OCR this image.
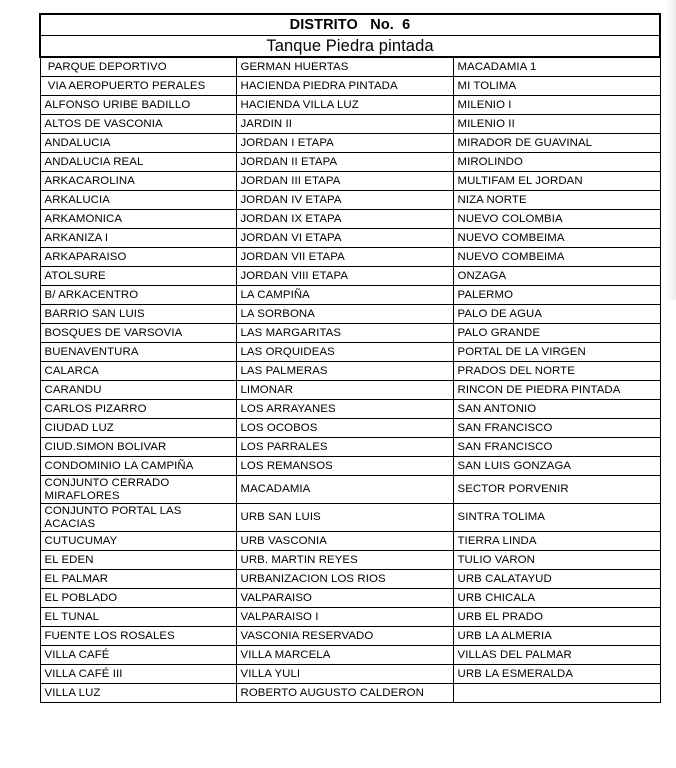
DISTRITO   No.  6		
Tanque Piedra pintada		
PARQUE DEPORTIVO	GERMAN HUERTAS	MACADAMIA 1
VIA AEROPUERTO PERALES	HACIENDA PIEDRA PINTADA	MI TOLIMA
ALFONSO URIBE BADILLO	HACIENDA VILLA LUZ	MILENIO I
ALTOS DE VASCONIA	JARDIN II	MILENIO II
ANDALUCIA	JORDAN I ETAPA	MIRADOR DE GUAVINAL
ANDALUCIA REAL	JORDAN II ETAPA	MIROLINDO
ARKACAROLINA	JORDAN III ETAPA	MULTIFAM EL JORDAN
ARKALUCIA	JORDAN IV ETAPA	NIZA NORTE
ARKAMONICA	JORDAN IX ETAPA	NUEVO COLOMBIA
ARKANIZA I	JORDAN VI ETAPA	NUEVO COMBEIMA
ARKAPARAISO	JORDAN VII ETAPA	NUEVO COMBEIMA
ATOLSURE	JORDAN VIII ETAPA	ONZAGA
B/ ARKACENTRO	LA CAMPIÑA	PALERMO
BARRIO SAN LUIS	LA SORBONA	PALO DE AGUA
BOSQUES DE VARSOVIA	LAS MARGARITAS	PALO GRANDE
BUENAVENTURA	LAS ORQUIDEAS	PORTAL DE LA VIRGEN
CALARCA	LAS PALMERAS	PRADOS DEL NORTE
CARANDU	LIMONAR	RINCON DE PIEDRA PINTADA
CARLOS PIZARRO	LOS ARRAYANES	SAN ANTONIO
CIUDAD LUZ	LOS OCOBOS	SAN FRANCISCO
CIUD.SIMON BOLIVAR	LOS PARRALES	SAN FRANCISCO
CONDOMINIO LA CAMPIÑA	LOS REMANSOS	SAN LUIS GONZAGA
CONJUNTO CERRADO MIRAFLORES	MACADAMIA	SECTOR PORVENIR
CONJUNTO PORTAL LAS ACACIAS	URB SAN LUIS	SINTRA TOLIMA
CUTUCUMAY	URB VASCONIA	TIERRA LINDA
EL EDEN	URB. MARTIN REYES	TULIO VARON
EL PALMAR	URBANIZACION LOS RIOS	URB CALATAYUD
EL POBLADO	VALPARAISO	URB CHICALA
EL TUNAL	VALPARAISO I	URB EL PRADO
FUENTE LOS ROSALES	VASCONIA RESERVADO	URB LA ALMERIA
VILLA CAFÉ	VILLA MARCELA	VILLAS DEL PALMAR
VILLA CAFÉ III	VILLA YULI	URB LA ESMERALDA
VILLA LUZ	ROBERTO AUGUSTO CALDERON	
